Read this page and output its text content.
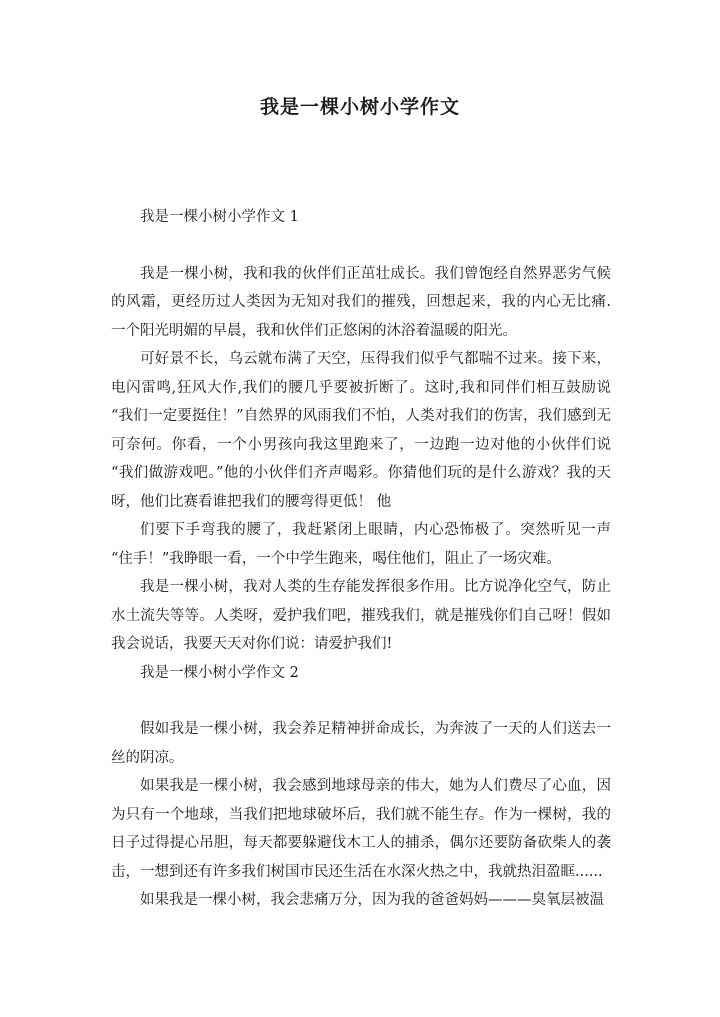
我是一棵小树小学作文

我是一棵小树小学作文 1

我是一棵小树，我和我的伙伴们正茁壮成长。我们曾饱经自然界恶劣气候的风霜，更经历过人类因为无知对我们的摧残，回想起来，我的内心无比痛. 一个阳光明媚的早晨，我和伙伴们正悠闲的沐浴着温暖的阳光。

可好景不长，乌云就布满了天空，压得我们似乎气都喘不过来。接下来，电闪雷鸣,狂风大作,我们的腰几乎要被折断了。这时,我和同伴们相互鼓励说 “我们一定要挺住！”自然界的风雨我们不怕，人类对我们的伤害，我们感到无可奈何。你看，一个小男孩向我这里跑来了，一边跑一边对他的小伙伴们说 “我们做游戏吧。”他的小伙伴们齐声喝彩。你猜他们玩的是什么游戏？我的天呀，他们比赛看谁把我们的腰弯得更低！ 他

们要下手弯我的腰了，我赶紧闭上眼睛，内心恐怖极了。突然听见一声 “住手！”我睁眼一看，一个中学生跑来，喝住他们，阻止了一场灾难。

我是一棵小树，我对人类的生存能发挥很多作用。比方说净化空气，防止水土流失等等。人类呀，爱护我们吧，摧残我们，就是摧残你们自己呀！假如我会说话，我要天天对你们说：请爱护我们!

我是一棵小树小学作文 2

假如我是一棵小树，我会养足精神拼命成长，为奔波了一天的人们送去一丝的阴凉。

如果我是一棵小树，我会感到地球母亲的伟大，她为人们费尽了心血，因为只有一个地球，当我们把地球破坏后，我们就不能生存。作为一棵树，我的日子过得提心吊胆，每天都要躲避伐木工人的捕杀，偶尔还要防备砍柴人的袭击，一想到还有许多我们树国市民还生活在水深火热之中，我就热泪盈眶......

如果我是一棵小树，我会悲痛万分，因为我的爸爸妈妈———臭氧层被温
